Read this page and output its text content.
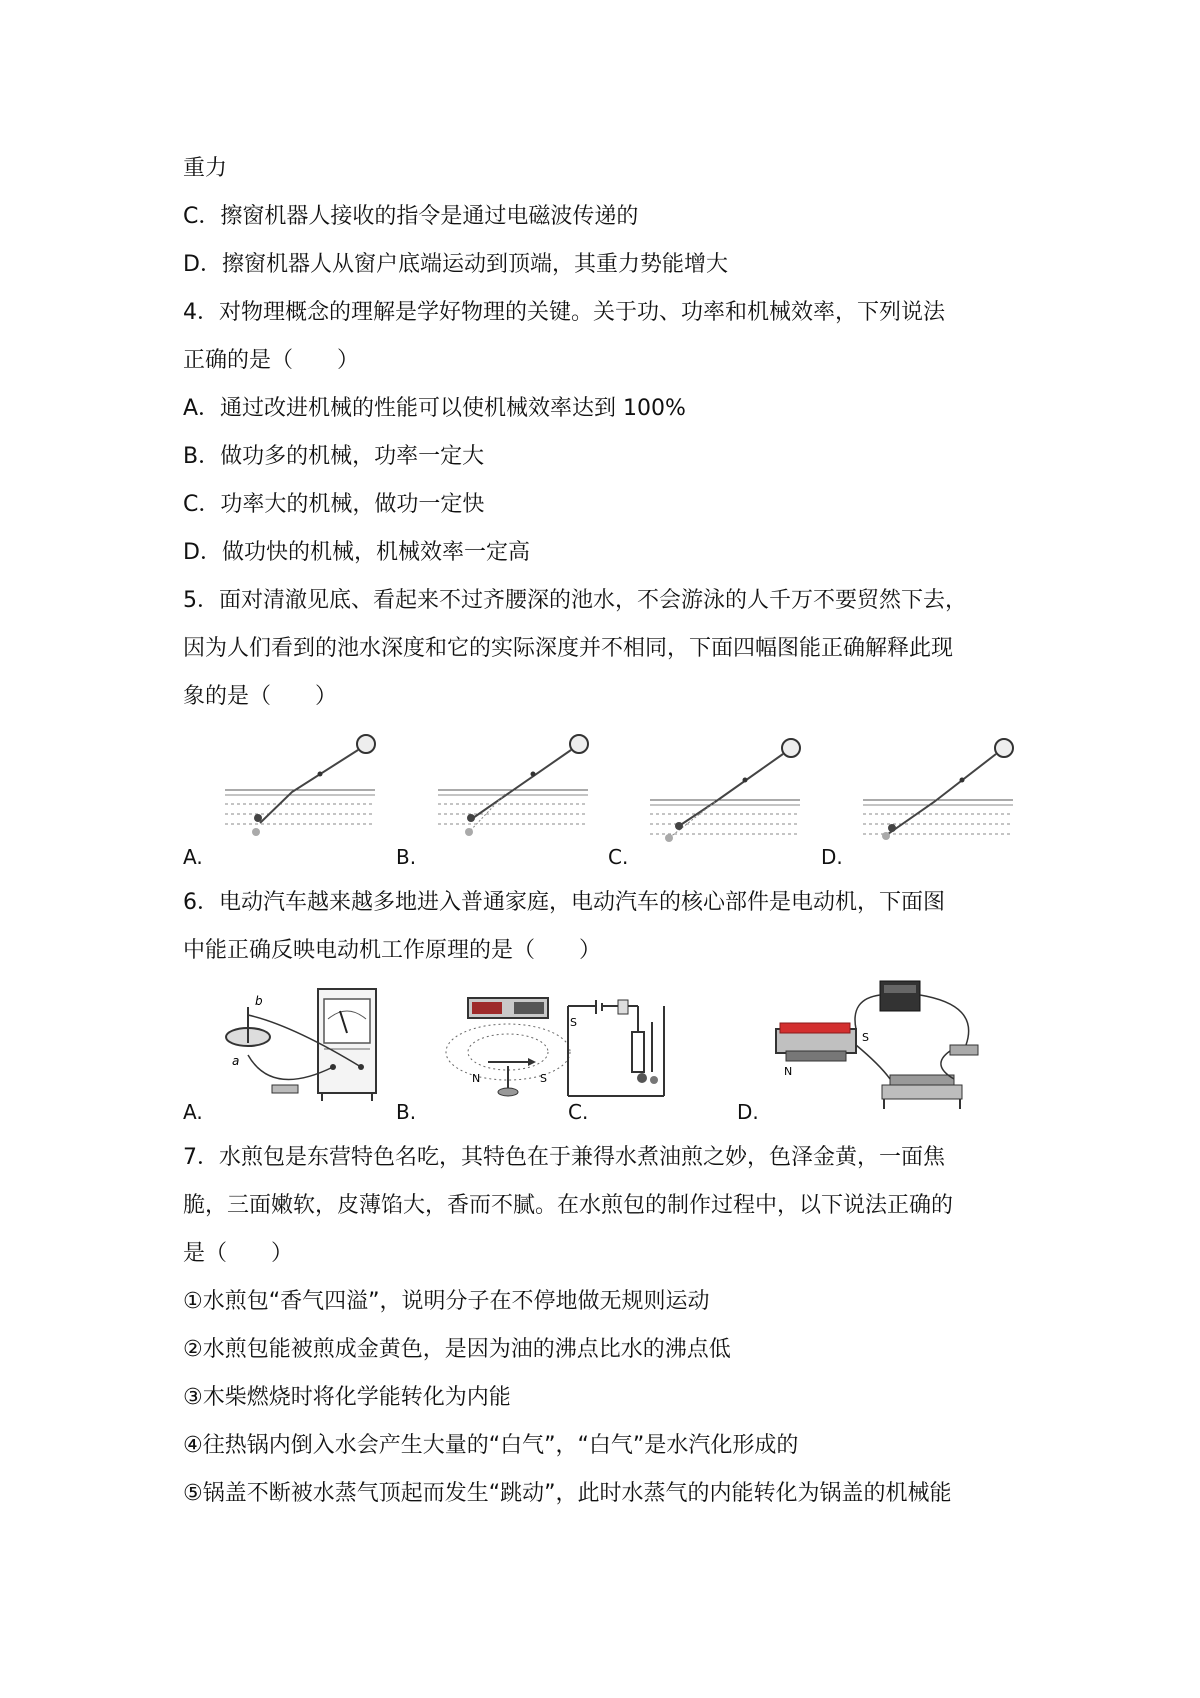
重力
C．擦窗机器人接收的指令是通过电磁波传递的
D．擦窗机器人从窗户底端运动到顶端，其重力势能增大
4．对物理概念的理解是学好物理的关键。关于功、功率和机械效率，下列说法
正确的是（　　）
A．通过改进机械的性能可以使机械效率达到 100%
B．做功多的机械，功率一定大
C．功率大的机械，做功一定快
D．做功快的机械，机械效率一定高
5．面对清澈见底、看起来不过齐腰深的池水，不会游泳的人千万不要贸然下去，
因为人们看到的池水深度和它的实际深度并不相同，下面四幅图能正确解释此现
象的是（　　）
A.	B.	C.	D.
6．电动汽车越来越多地进入普通家庭，电动汽车的核心部件是电动机，下面图
中能正确反映电动机工作原理的是（　　）
b
a
A.
N	S
B.
S
C.
S
N
D.
7．水煎包是东营特色名吃，其特色在于兼得水煮油煎之妙，色泽金黄，一面焦
脆，三面嫩软，皮薄馅大，香而不腻。在水煎包的制作过程中，以下说法正确的
是（　　）
①水煎包“香气四溢”，说明分子在不停地做无规则运动
②水煎包能被煎成金黄色，是因为油的沸点比水的沸点低
③木柴燃烧时将化学能转化为内能
④往热锅内倒入水会产生大量的“白气”，“白气”是水汽化形成的
⑤锅盖不断被水蒸气顶起而发生“跳动”，此时水蒸气的内能转化为锅盖的机械能
